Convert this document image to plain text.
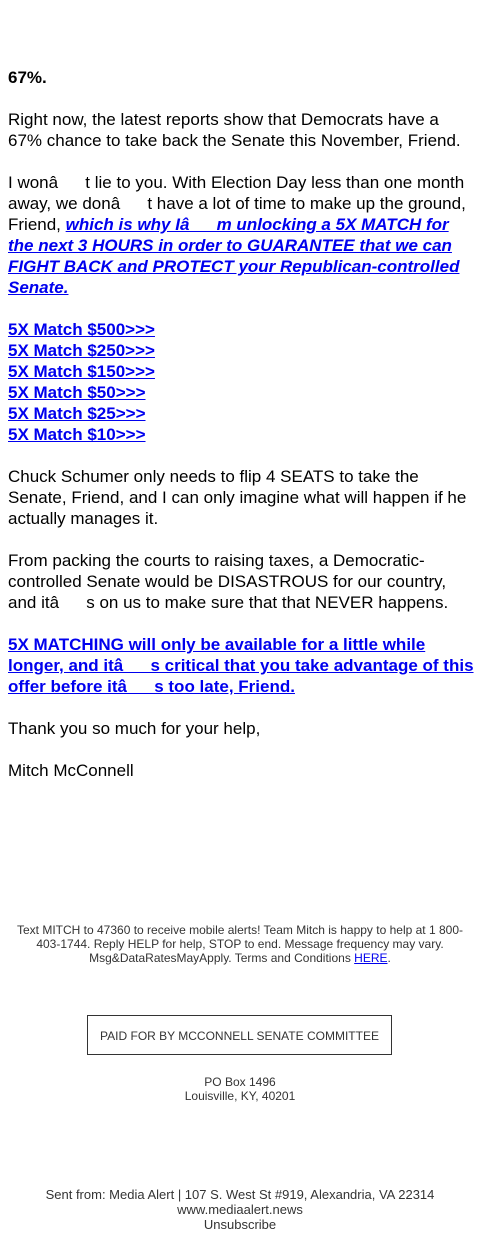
67%.

Right now, the latest reports show that Democrats have a 67% chance to take back the Senate this November, Friend.

I wonât lie to you. With Election Day less than one month away, we donât have a lot of time to make up the ground, Friend, which is why Iâm unlocking a 5X MATCH for the next 3 HOURS in order to GUARANTEE that we can FIGHT BACK and PROTECT your Republican-controlled Senate.

5X Match $500>>>
5X Match $250>>>
5X Match $150>>>
5X Match $50>>>
5X Match $25>>>
5X Match $10>>>

Chuck Schumer only needs to flip 4 SEATS to take the Senate, Friend, and I can only imagine what will happen if he actually manages it.

From packing the courts to raising taxes, a Democratic-controlled Senate would be DISASTROUS for our country, and itâs on us to make sure that that NEVER happens.

5X MATCHING will only be available for a little while longer, and itâs critical that you take advantage of this offer before itâs too late, Friend.

Thank you so much for your help,

Mitch McConnell

Text MITCH to 47360 to receive mobile alerts! Team Mitch is happy to help at 1 800-403-1744. Reply HELP for help, STOP to end. Message frequency may vary. Msg&DataRatesMayApply. Terms and Conditions HERE.
PAID FOR BY MCCONNELL SENATE COMMITTEE
PO Box 1496
Louisville, KY, 40201
Sent from: Media Alert | 107 S. West St #919, Alexandria, VA 22314
www.mediaalert.news
Unsubscribe
